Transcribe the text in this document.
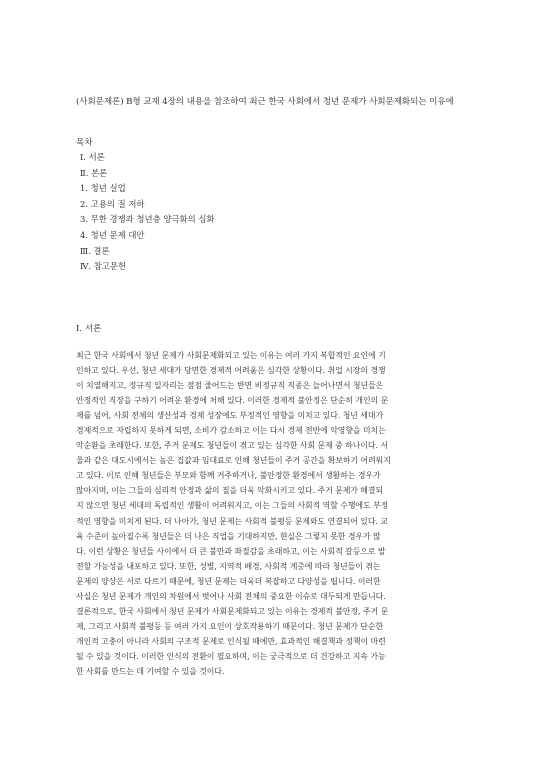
(사회문제론) B형 교재 4장의 내용을 참조하여 최근 한국 사회에서 청년 문제가 사회문제화되는 이유에
목차
Ⅰ. 서론
Ⅱ. 본론
1. 청년 실업
2. 고용의 질 저하
3. 무한 경쟁과 청년층 양극화의 심화
4. 청년 문제 대안
Ⅲ. 결론
Ⅳ. 참고문헌
Ⅰ. 서론
최근 한국 사회에서 청년 문제가 사회문제화되고 있는 이유는 여러 가지 복합적인 요인에 기
인하고 있다. 우선, 청년 세대가 당면한 경제적 어려움은 심각한 상황이다. 취업 시장의 경쟁
이 치열해지고, 정규직 일자리는 점점 줄어드는 반면 비정규직 직종은 늘어나면서 청년들은
안정적인 직장을 구하기 어려운 환경에 처해 있다. 이러한 경제적 불안정은 단순히 개인의 문
제를 넘어, 사회 전체의 생산성과 경제 성장에도 부정적인 영향을 미치고 있다. 청년 세대가
경제적으로 자립하지 못하게 되면, 소비가 감소하고 이는 다시 경제 전반에 악영향을 미치는
악순환을 초래한다. 또한, 주거 문제도 청년들이 겪고 있는 심각한 사회 문제 중 하나이다. 서
울과 같은 대도시에서는 높은 집값과 임대료로 인해 청년들이 주거 공간을 확보하기 어려워지
고 있다. 이로 인해 청년들은 부모와 함께 거주하거나, 불안정한 환경에서 생활하는 경우가
많아지며, 이는 그들의 심리적 안정과 삶의 질을 더욱 악화시키고 있다. 주거 문제가 해결되
지 않으면 청년 세대의 독립적인 생활이 어려워지고, 이는 그들의 사회적 역할 수행에도 부정
적인 영향을 미치게 된다. 더 나아가, 청년 문제는 사회적 불평등 문제와도 연결되어 있다. 교
육 수준이 높아질수록 청년들은 더 나은 직업을 기대하지만, 현실은 그렇지 못한 경우가 많
다. 이런 상황은 청년들 사이에서 더 큰 불만과 좌절감을 초래하고, 이는 사회적 갈등으로 발
전할 가능성을 내포하고 있다. 또한, 성별, 지역적 배경, 사회적 계층에 따라 청년들이 겪는
문제의 양상은 서로 다르기 때문에, 청년 문제는 더욱더 복잡하고 다양성을 띱니다. 이러한
사실은 청년 문제가 개인의 차원에서 벗어나 사회 전체의 중요한 이슈로 대두되게 만듭니다.
결론적으로, 한국 사회에서 청년 문제가 사회문제화되고 있는 이유는 경제적 불안정, 주거 문
제, 그리고 사회적 불평등 등 여러 가지 요인이 상호작용하기 때문이다. 청년 문제가 단순한
개인적 고충이 아니라 사회의 구조적 문제로 인식될 때에만, 효과적인 해결책과 정책이 마련
될 수 있을 것이다. 이러한 인식의 전환이 필요하며, 이는 궁극적으로 더 건강하고 지속 가능
한 사회를 만드는 데 기여할 수 있을 것이다.
